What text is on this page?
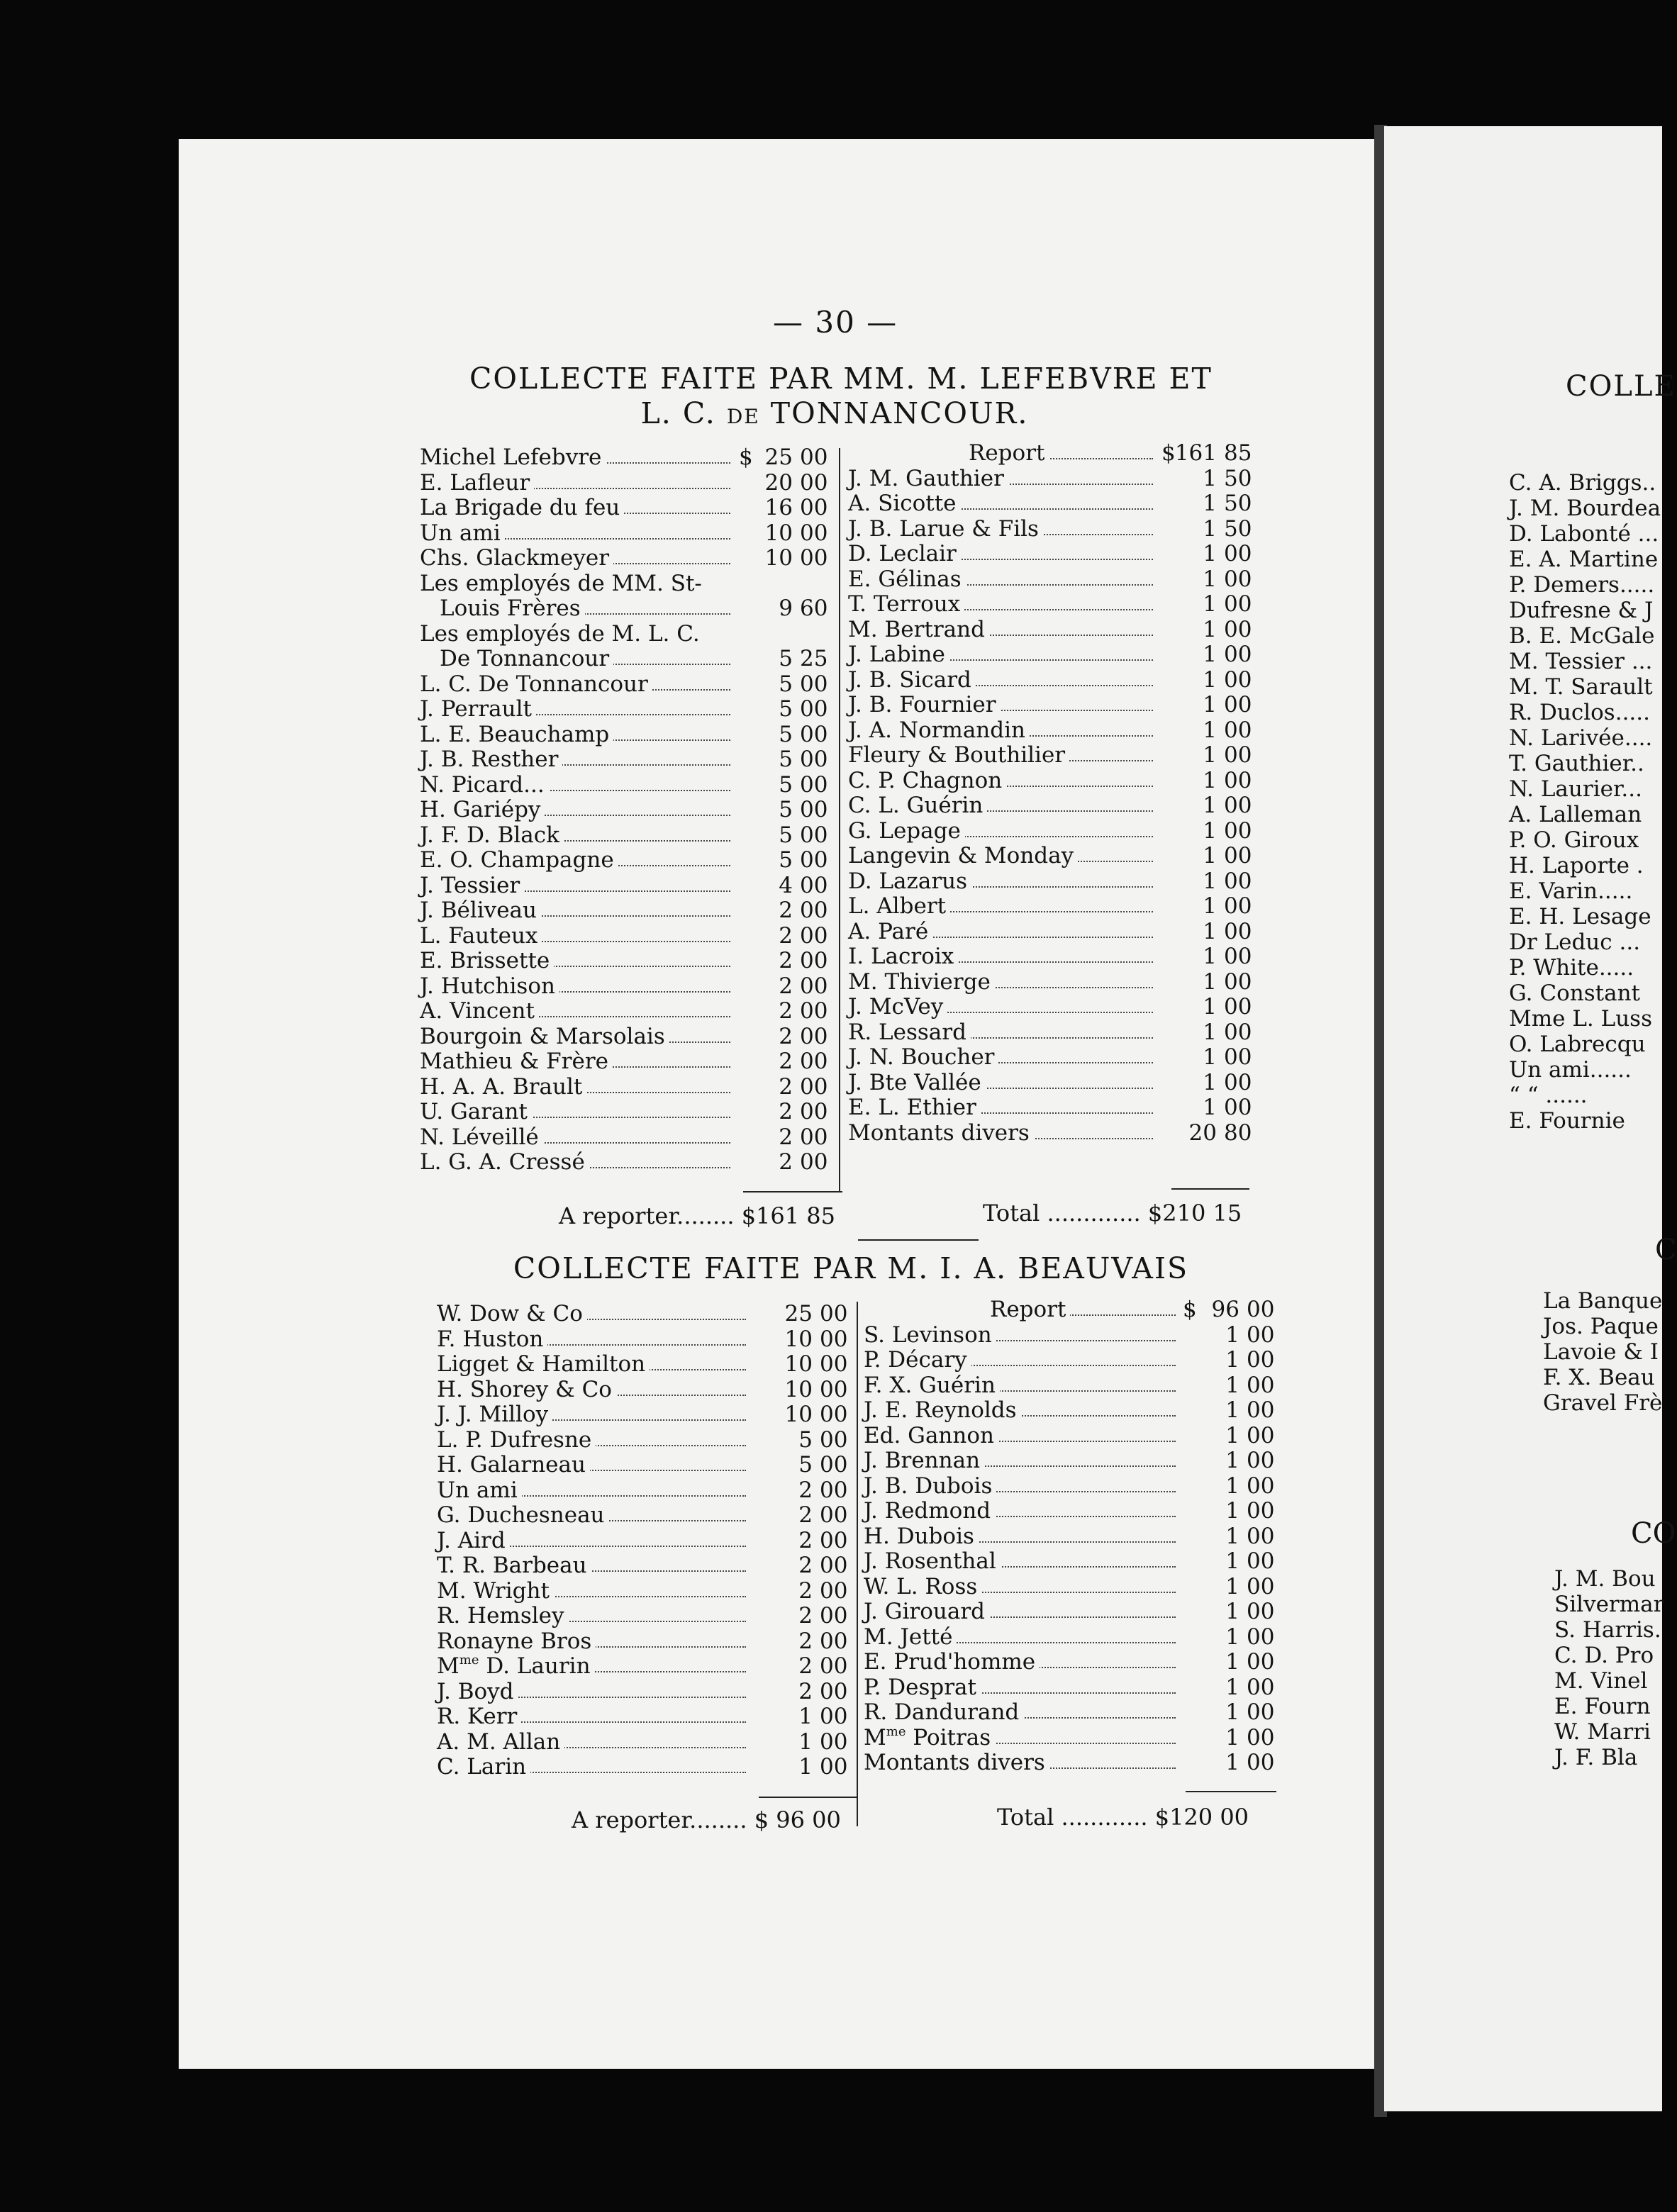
— 30 —
COLLECTE FAITE PAR MM. M. LEFEBVRE ET
L. C. DE TONNANCOUR.
Michel Lefebvre	$ 25 00
E. Lafleur	20 00
La Brigade du feu	16 00
Un ami	10 00
Chs. Glackmeyer	10 00
Les employés de MM. St-
Louis Frères	9 60
Les employés de M. L. C.
De Tonnancour	5 25
L. C. De Tonnancour	5 00
J. Perrault	5 00
L. E. Beauchamp	5 00
J. B. Resther	5 00
N. Picard...	5 00
H. Gariépy	5 00
J. F. D. Black	5 00
E. O. Champagne	5 00
J. Tessier	4 00
J. Béliveau	2 00
L. Fauteux	2 00
E. Brissette	2 00
J. Hutchison	2 00
A. Vincent	2 00
Bourgoin & Marsolais	2 00
Mathieu & Frère	2 00
H. A. A. Brault	2 00
U. Garant	2 00
N. Léveillé	2 00
L. G. A. Cressé	2 00
Report	$ 161 85
J. M. Gauthier	1 50
A. Sicotte	1 50
J. B. Larue & Fils	1 50
D. Leclair	1 00
E. Gélinas	1 00
T. Terroux	1 00
M. Bertrand	1 00
J. Labine	1 00
J. B. Sicard	1 00
J. B. Fournier	1 00
J. A. Normandin	1 00
Fleury & Bouthilier	1 00
C. P. Chagnon	1 00
C. L. Guérin	1 00
G. Lepage	1 00
Langevin & Monday	1 00
D. Lazarus	1 00
L. Albert	1 00
A. Paré	1 00
I. Lacroix	1 00
M. Thivierge	1 00
J. McVey	1 00
R. Lessard	1 00
J. N. Boucher	1 00
J. Bte Vallée	1 00
E. L. Ethier	1 00
Montants divers	20 80
A reporter........ $161 85	Total ............. $210 15
COLLECTE FAITE PAR M. I. A. BEAUVAIS
W. Dow & Co	25 00
F. Huston	10 00
Ligget & Hamilton	10 00
H. Shorey & Co	10 00
J. J. Milloy	10 00
L. P. Dufresne	5 00
H. Galarneau	5 00
Un ami	2 00
G. Duchesneau	2 00
J. Aird	2 00
T. R. Barbeau	2 00
M. Wright	2 00
R. Hemsley	2 00
Ronayne Bros	2 00
$M^{me}$ D. Laurin	2 00
J. Boyd	2 00
R. Kerr	1 00
A. M. Allan	1 00
C. Larin	1 00
Report	$ 96 00
S. Levinson	1 00
P. Décary	1 00
F. X. Guérin	1 00
J. E. Reynolds	1 00
Ed. Gannon	1 00
J. Brennan	1 00
J. B. Dubois	1 00
J. Redmond	1 00
H. Dubois	1 00
J. Rosenthal	1 00
W. L. Ross	1 00
J. Girouard	1 00
M. Jetté	1 00
E. Prud'homme	1 00
P. Desprat	1 00
R. Dandurand	1 00
$M^{me}$ Poitras	1 00
Montants divers	1 00
A reporter........ $ 96 00	Total ............ $120 00
COLLE
C. A. Briggs..
J. M. Bourdea
D. Labonté ...
E. A. Martine
P. Demers.....
Dufresne & J
B. E. McGale
M. Tessier ...
M. T. Sarault
R. Duclos.....
N. Larivée....
T. Gauthier..
N. Laurier...
A. Lalleman
P. O. Giroux
H. Laporte .
E. Varin.....
E. H. Lesage
Dr Leduc ...
P. White.....
G. Constant
Mme L. Luss
O. Labrecqu
Un ami......
“ “ ......
E. Fournie
C
La Banque
Jos. Paque
Lavoie & I
F. X. Beau
Gravel Frè
CO
J. M. Bou
Silvermar
S. Harris.
C. D. Pro
M. Vinel
E. Fourn
W. Marri
J. F. Bla
